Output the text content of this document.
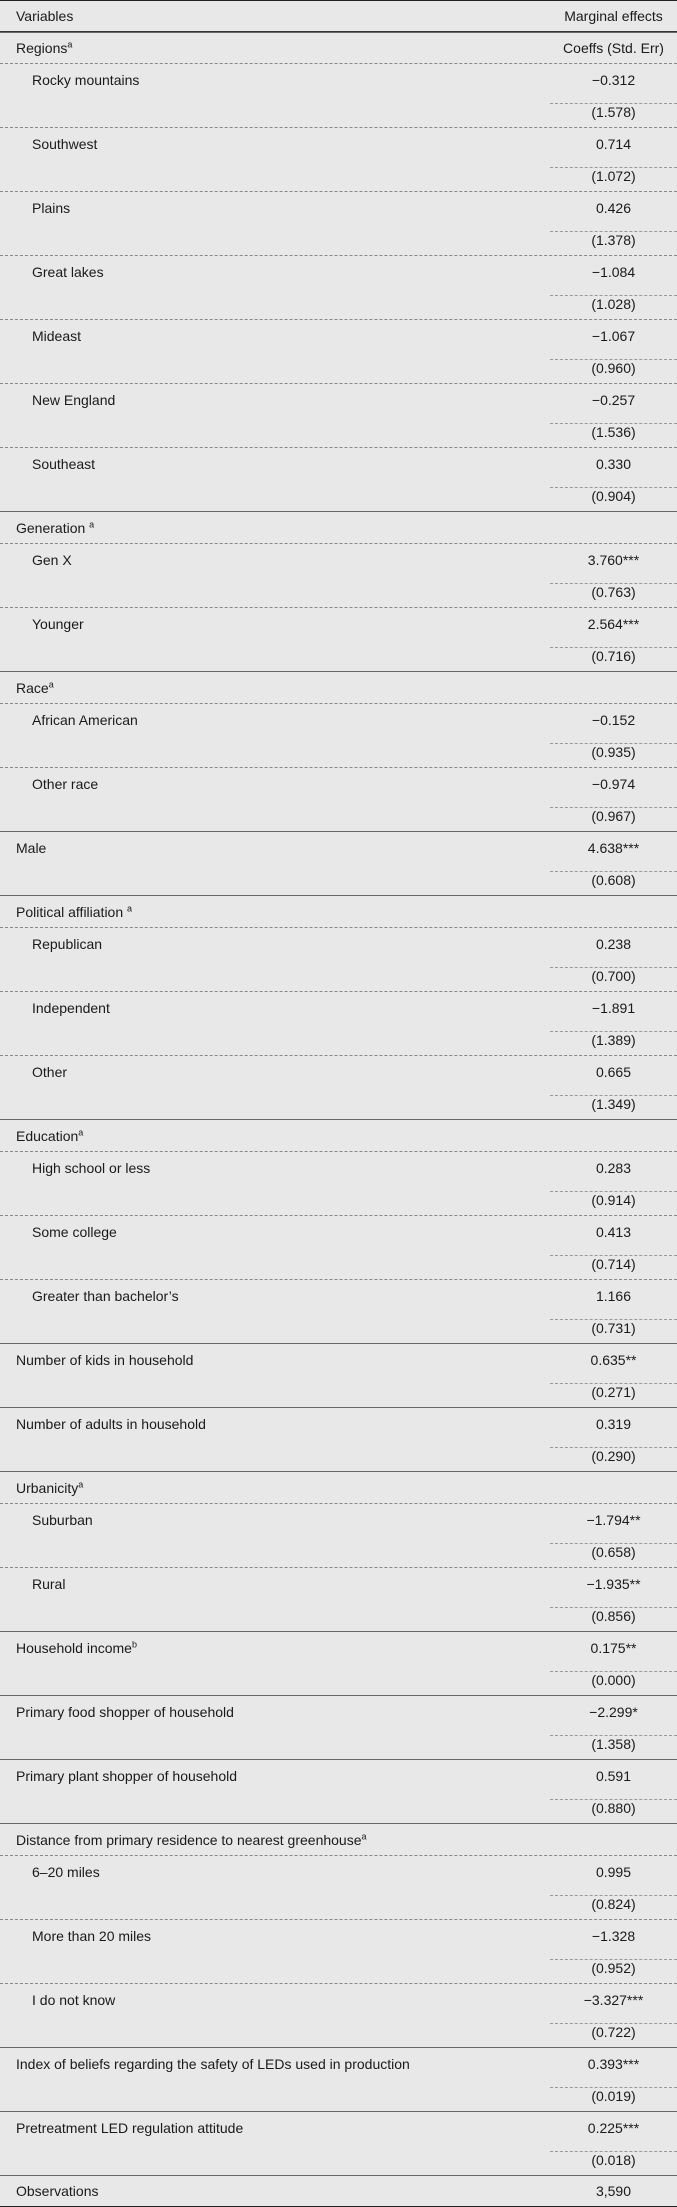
Variables	Marginal effects
Regions$^a$	Coeffs (Std. Err)
Rocky mountains	−0.312
(1.578)
Southwest	0.714
(1.072)
Plains	0.426
(1.378)
Great lakes	−1.084
(1.028)
Mideast	−1.067
(0.960)
New England	−0.257
(1.536)
Southeast	0.330
(0.904)
Generation $^a$
Gen X	3.760***
(0.763)
Younger	2.564***
(0.716)
Race$^a$
African American	−0.152
(0.935)
Other race	−0.974
(0.967)
Male	4.638***
(0.608)
Political affiliation $^a$
Republican	0.238
(0.700)
Independent	−1.891
(1.389)
Other	0.665
(1.349)
Education$^a$
High school or less	0.283
(0.914)
Some college	0.413
(0.714)
Greater than bachelor’s	1.166
(0.731)
Number of kids in household	0.635**
(0.271)
Number of adults in household	0.319
(0.290)
Urbanicity$^a$
Suburban	−1.794**
(0.658)
Rural	−1.935**
(0.856)
Household income$^b$	0.175**
(0.000)
Primary food shopper of household	−2.299*
(1.358)
Primary plant shopper of household	0.591
(0.880)
Distance from primary residence to nearest greenhouse$^a$
6–20 miles	0.995
(0.824)
More than 20 miles	−1.328
(0.952)
I do not know	−3.327***
(0.722)
Index of beliefs regarding the safety of LEDs used in production	0.393***
(0.019)
Pretreatment LED regulation attitude	0.225***
(0.018)
Observations	3,590
